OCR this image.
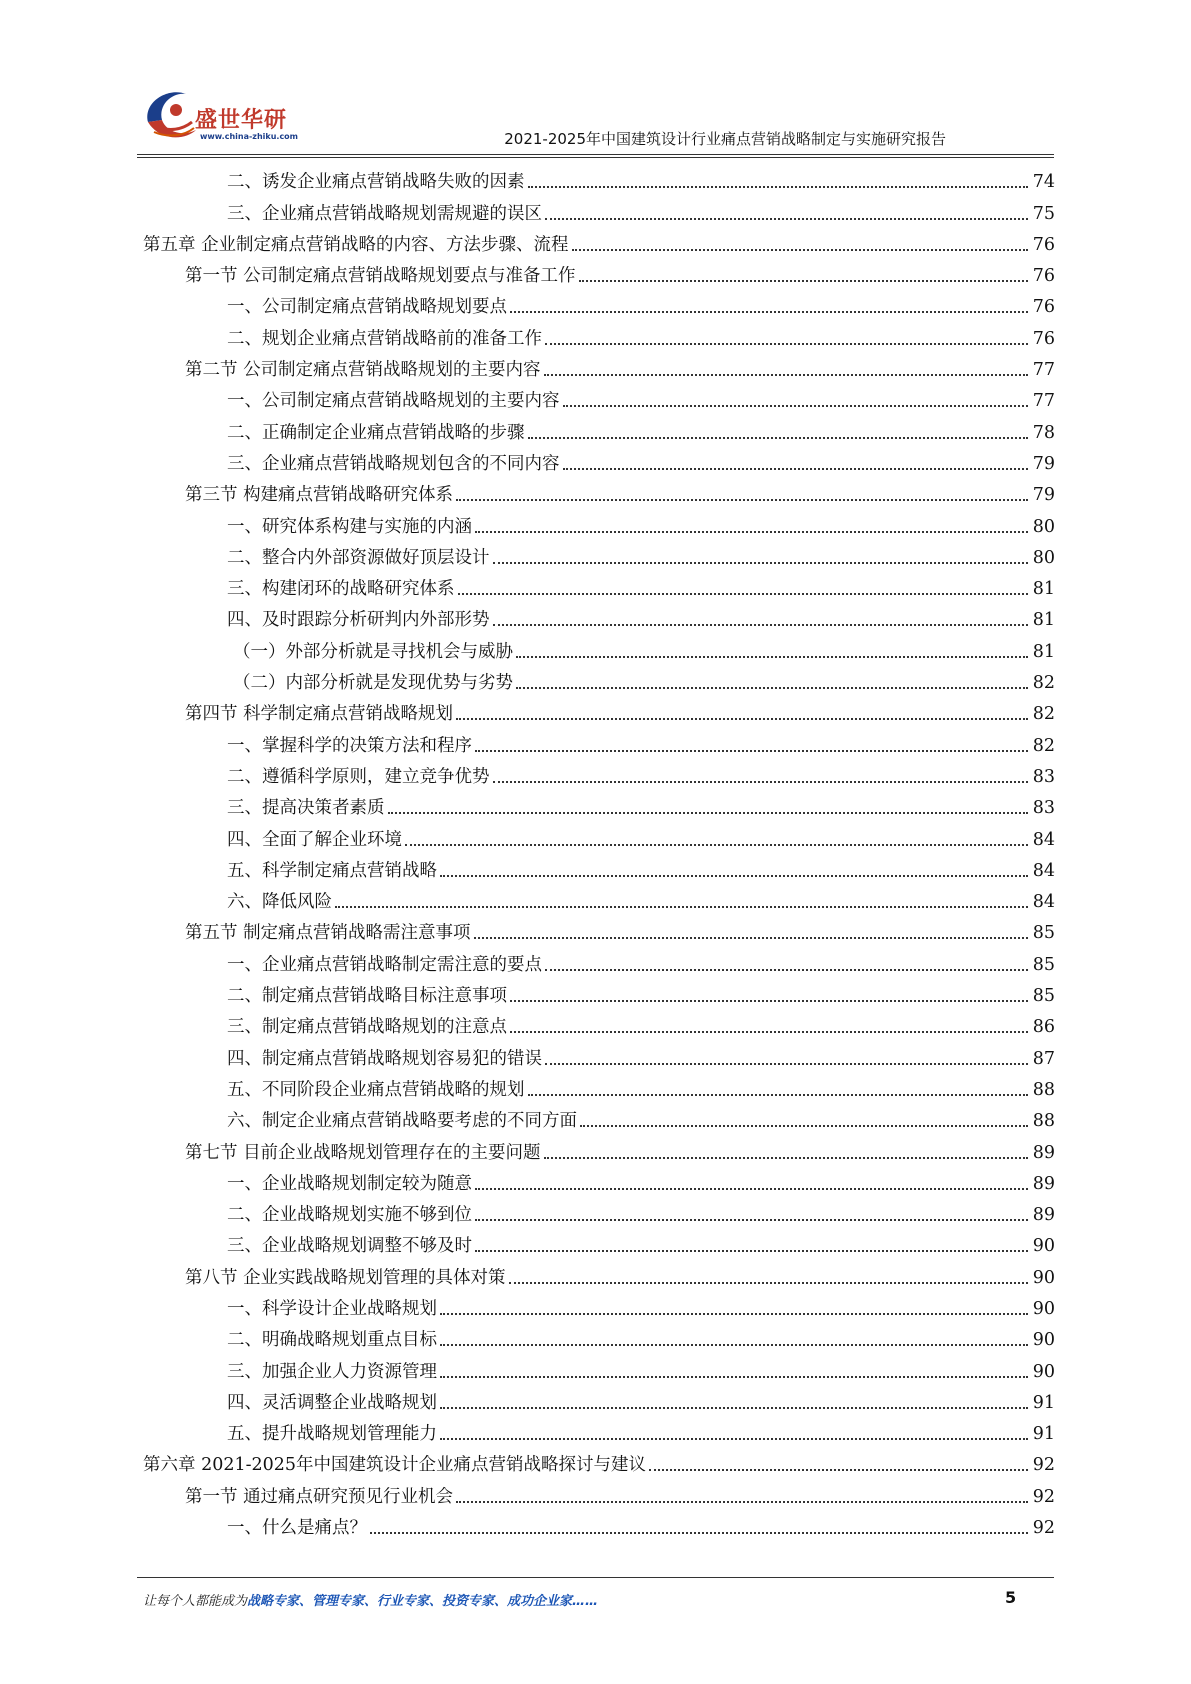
盛世华研
www.china-zhiku.com	2021-2025年中国建筑设计行业痛点营销战略制定与实施研究报告
二、诱发企业痛点营销战略失败的因素	74
三、企业痛点营销战略规划需规避的误区	75
第五章 企业制定痛点营销战略的内容、方法步骤、流程	76
第一节 公司制定痛点营销战略规划要点与准备工作	76
一、公司制定痛点营销战略规划要点	76
二、规划企业痛点营销战略前的准备工作	76
第二节 公司制定痛点营销战略规划的主要内容	77
一、公司制定痛点营销战略规划的主要内容	77
二、正确制定企业痛点营销战略的步骤	78
三、企业痛点营销战略规划包含的不同内容	79
第三节 构建痛点营销战略研究体系	79
一、研究体系构建与实施的内涵	80
二、整合内外部资源做好顶层设计	80
三、构建闭环的战略研究体系	81
四、及时跟踪分析研判内外部形势	81
（一）外部分析就是寻找机会与威胁	81
（二）内部分析就是发现优势与劣势	82
第四节 科学制定痛点营销战略规划	82
一、掌握科学的决策方法和程序	82
二、遵循科学原则，建立竞争优势	83
三、提高决策者素质	83
四、全面了解企业环境	84
五、科学制定痛点营销战略	84
六、降低风险	84
第五节 制定痛点营销战略需注意事项	85
一、企业痛点营销战略制定需注意的要点	85
二、制定痛点营销战略目标注意事项	85
三、制定痛点营销战略规划的注意点	86
四、制定痛点营销战略规划容易犯的错误	87
五、不同阶段企业痛点营销战略的规划	88
六、制定企业痛点营销战略要考虑的不同方面	88
第七节 目前企业战略规划管理存在的主要问题	89
一、企业战略规划制定较为随意	89
二、企业战略规划实施不够到位	89
三、企业战略规划调整不够及时	90
第八节 企业实践战略规划管理的具体对策	90
一、科学设计企业战略规划	90
二、明确战略规划重点目标	90
三、加强企业人力资源管理	90
四、灵活调整企业战略规划	91
五、提升战略规划管理能力	91
第六章 2021-2025年中国建筑设计企业痛点营销战略探讨与建议	92
第一节 通过痛点研究预见行业机会	92
一、什么是痛点？	92
让每个人都能成为战略专家、管理专家、行业专家、投资专家、成功企业家……	5
